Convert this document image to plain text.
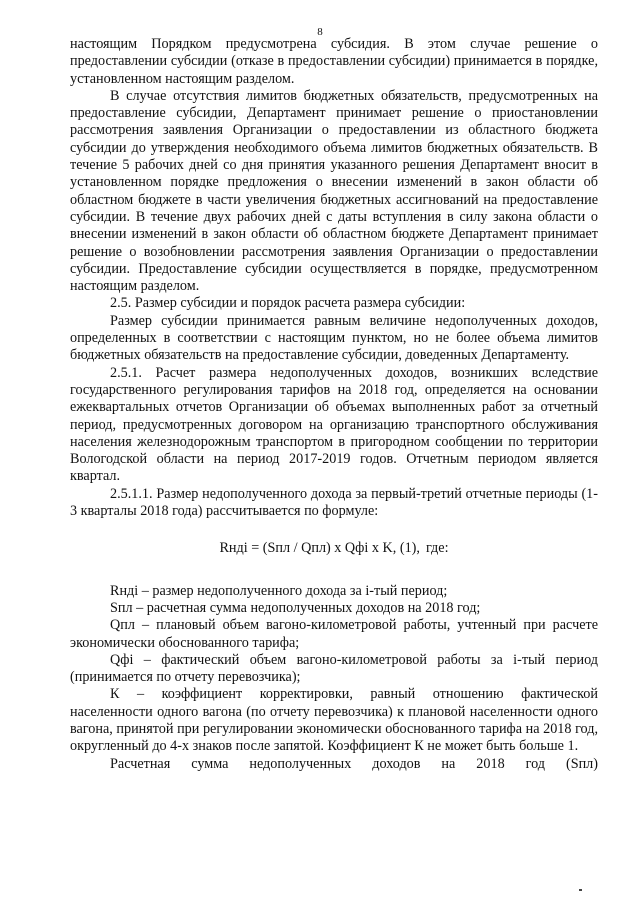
8

настоящим Порядком предусмотрена субсидия. В этом случае решение о предоставлении субсидии (отказе в предоставлении субсидии) принимается в порядке, установленном настоящим разделом.

В случае отсутствия лимитов бюджетных обязательств, предусмотренных на предоставление субсидии, Департамент принимает решение о приостановлении рассмотрения заявления Организации о предоставлении из областного бюджета субсидии до утверждения необходимого объема лимитов бюджетных обязательств. В течение 5 рабочих дней со дня принятия указанного решения Департамент вносит в установленном порядке предложения о внесении изменений в закон области об областном бюджете в части увеличения бюджетных ассигнований на предоставление субсидии. В течение двух рабочих дней с даты вступления в силу закона области о внесении изменений в закон области об областном бюджете Департамент принимает решение о возобновлении рассмотрения заявления Организации о предоставлении субсидии. Предоставление субсидии осуществляется в порядке, предусмотренном настоящим разделом.

2.5. Размер субсидии и порядок расчета размера субсидии:

Размер субсидии принимается равным величине недополученных доходов, определенных в соответствии с настоящим пунктом, но не более объема лимитов бюджетных обязательств на предоставление субсидии, доведенных Департаменту.

2.5.1. Расчет размера недополученных доходов, возникших вследствие государственного регулирования тарифов на 2018 год, определяется на основании ежеквартальных отчетов Организации об объемах выполненных работ за отчетный период, предусмотренных договором на организацию транспортного обслуживания населения железнодорожным транспортом в пригородном сообщении по территории Вологодской области на период 2017-2019 годов. Отчетным периодом является квартал.

2.5.1.1. Размер недополученного дохода за первый-третий отчетные периоды (1-3 кварталы 2018 года) рассчитывается по формуле:

Rндi = (Sпл / Qпл) x Qфi x K, (1), где:

Rндi – размер недополученного дохода за i-тый период;

Sпл – расчетная сумма недополученных доходов на 2018 год;

Qпл – плановый объем вагоно-километровой работы, учтенный при расчете экономически обоснованного тарифа;

Qфi – фактический объем вагоно-километровой работы за i-тый период (принимается по отчету перевозчика);

К – коэффициент корректировки, равный отношению фактической населенности одного вагона (по отчету перевозчика) к плановой населенности одного вагона, принятой при регулировании экономически обоснованного тарифа на 2018 год, округленный до 4-х знаков после запятой. Коэффициент К не может быть больше 1.

Расчетная сумма недополученных доходов на 2018 год (Sпл)
